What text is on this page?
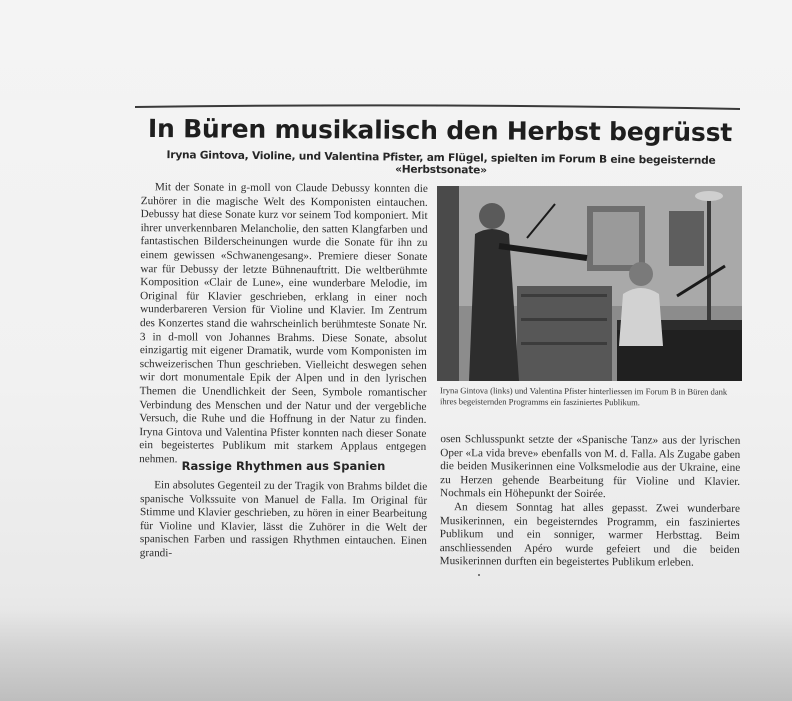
In Büren musikalisch den Herbst begrüsst
Iryna Gintova, Violine, und Valentina Pfister, am Flügel, spielten im Forum B eine begeisternde «Herbstsonate»

Mit der Sonate in g-moll von Claude Debussy konnten die Zuhörer in die magische Welt des Komponisten eintauchen. Debussy hat diese Sonate kurz vor seinem Tod komponiert. Mit ihrer unverkennbaren Melancholie, den satten Klangfarben und fantastischen Bilderscheinungen wurde die Sonate für ihn zu einem gewissen «Schwanengesang». Premiere dieser Sonate war für Debussy der letzte Bühnenauftritt. Die weltberühmte Komposition «Clair de Lune», eine wunderbare Melodie, im Original für Klavier geschrieben, erklang in einer noch wunderbareren Version für Violine und Klavier. Im Zentrum des Konzertes stand die wahrscheinlich berühmteste Sonate Nr. 3 in d-moll von Johannes Brahms. Diese Sonate, absolut einzigartig mit eigener Dramatik, wurde vom Komponisten im schweizerischen Thun geschrieben. Vielleicht deswegen sehen wir dort monumentale Epik der Alpen und in den lyrischen Themen die Unendlichkeit der Seen, Symbole romantischer Verbindung des Menschen und der Natur und der vergebliche Versuch, die Ruhe und die Hoffnung in der Natur zu finden. Iryna Gintova und Valentina Pfister konnten nach dieser Sonate ein begeistertes Publikum mit starkem Applaus entgegen nehmen. Rassige Rhythmen aus Spanien

Ein absolutes Gegenteil zu der Tragik von Brahms bildet die spanische Volkssuite von Manuel de Falla. Im Original für Stimme und Klavier geschrieben, zu hören in einer Bearbeitung für Violine und Klavier, lässt die Zuhörer in die Welt der spanischen Farben und rassigen Rhythmen eintauchen. Einen grandi-

Iryna Gintova (links) und Valentina Pfister hinterliessen im Forum B in Büren dank ihres begeisternden Programms ein fasziniertes Publikum.

osen Schlusspunkt setzte der «Spanische Tanz» aus der lyrischen Oper «La vida breve» ebenfalls von M. d. Falla. Als Zugabe gaben die beiden Musikerinnen eine Volksmelodie aus der Ukraine, eine zu Herzen gehende Bearbeitung für Violine und Klavier. Nochmals ein Höhepunkt der Soirée.

An diesem Sonntag hat alles gepasst. Zwei wunderbare Musikerinnen, ein begeisterndes Programm, ein fasziniertes Publikum und ein sonniger, warmer Herbsttag. Beim anschliessenden Apéro wurde gefeiert und die beiden Musikerinnen durften ein begeistertes Publikum erleben.
